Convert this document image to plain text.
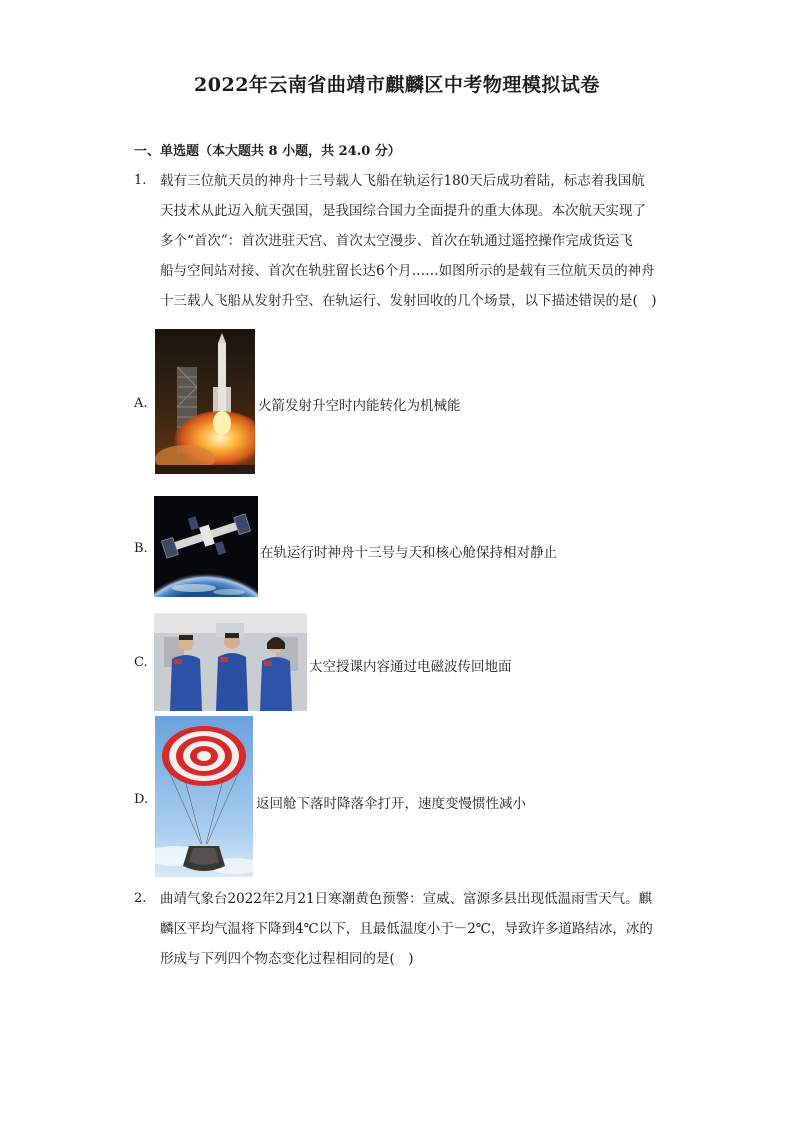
2022年云南省曲靖市麒麟区中考物理模拟试卷
一、单选题（本大题共 8 小题，共 24.0 分）
1. 载有三位航天员的神舟十三号载人飞船在轨运行180天后成功着陆，标志着我国航
天技术从此迈入航天强国，是我国综合国力全面提升的重大体现。本次航天实现了
多个“首次”：首次进驻天宫、首次太空漫步、首次在轨通过遥控操作完成货运飞
船与空间站对接、首次在轨驻留长达6个月……如图所示的是载有三位航天员的神舟
十三载人飞船从发射升空、在轨运行、发射回收的几个场景，以下描述错误的是(　)
A.	火箭发射升空时内能转化为机械能
B.	在轨运行时神舟十三号与天和核心舱保持相对静止
C.	太空授课内容通过电磁波传回地面
D.	返回舱下落时降落伞打开，速度变慢惯性减小
2. 曲靖气象台2022年2月21日寒潮黄色预警：宣威、富源多县出现低温雨雪天气。麒
麟区平均气温将下降到4℃以下，且最低温度小于－2℃，导致许多道路结冰，冰的
形成与下列四个物态变化过程相同的是(　)
